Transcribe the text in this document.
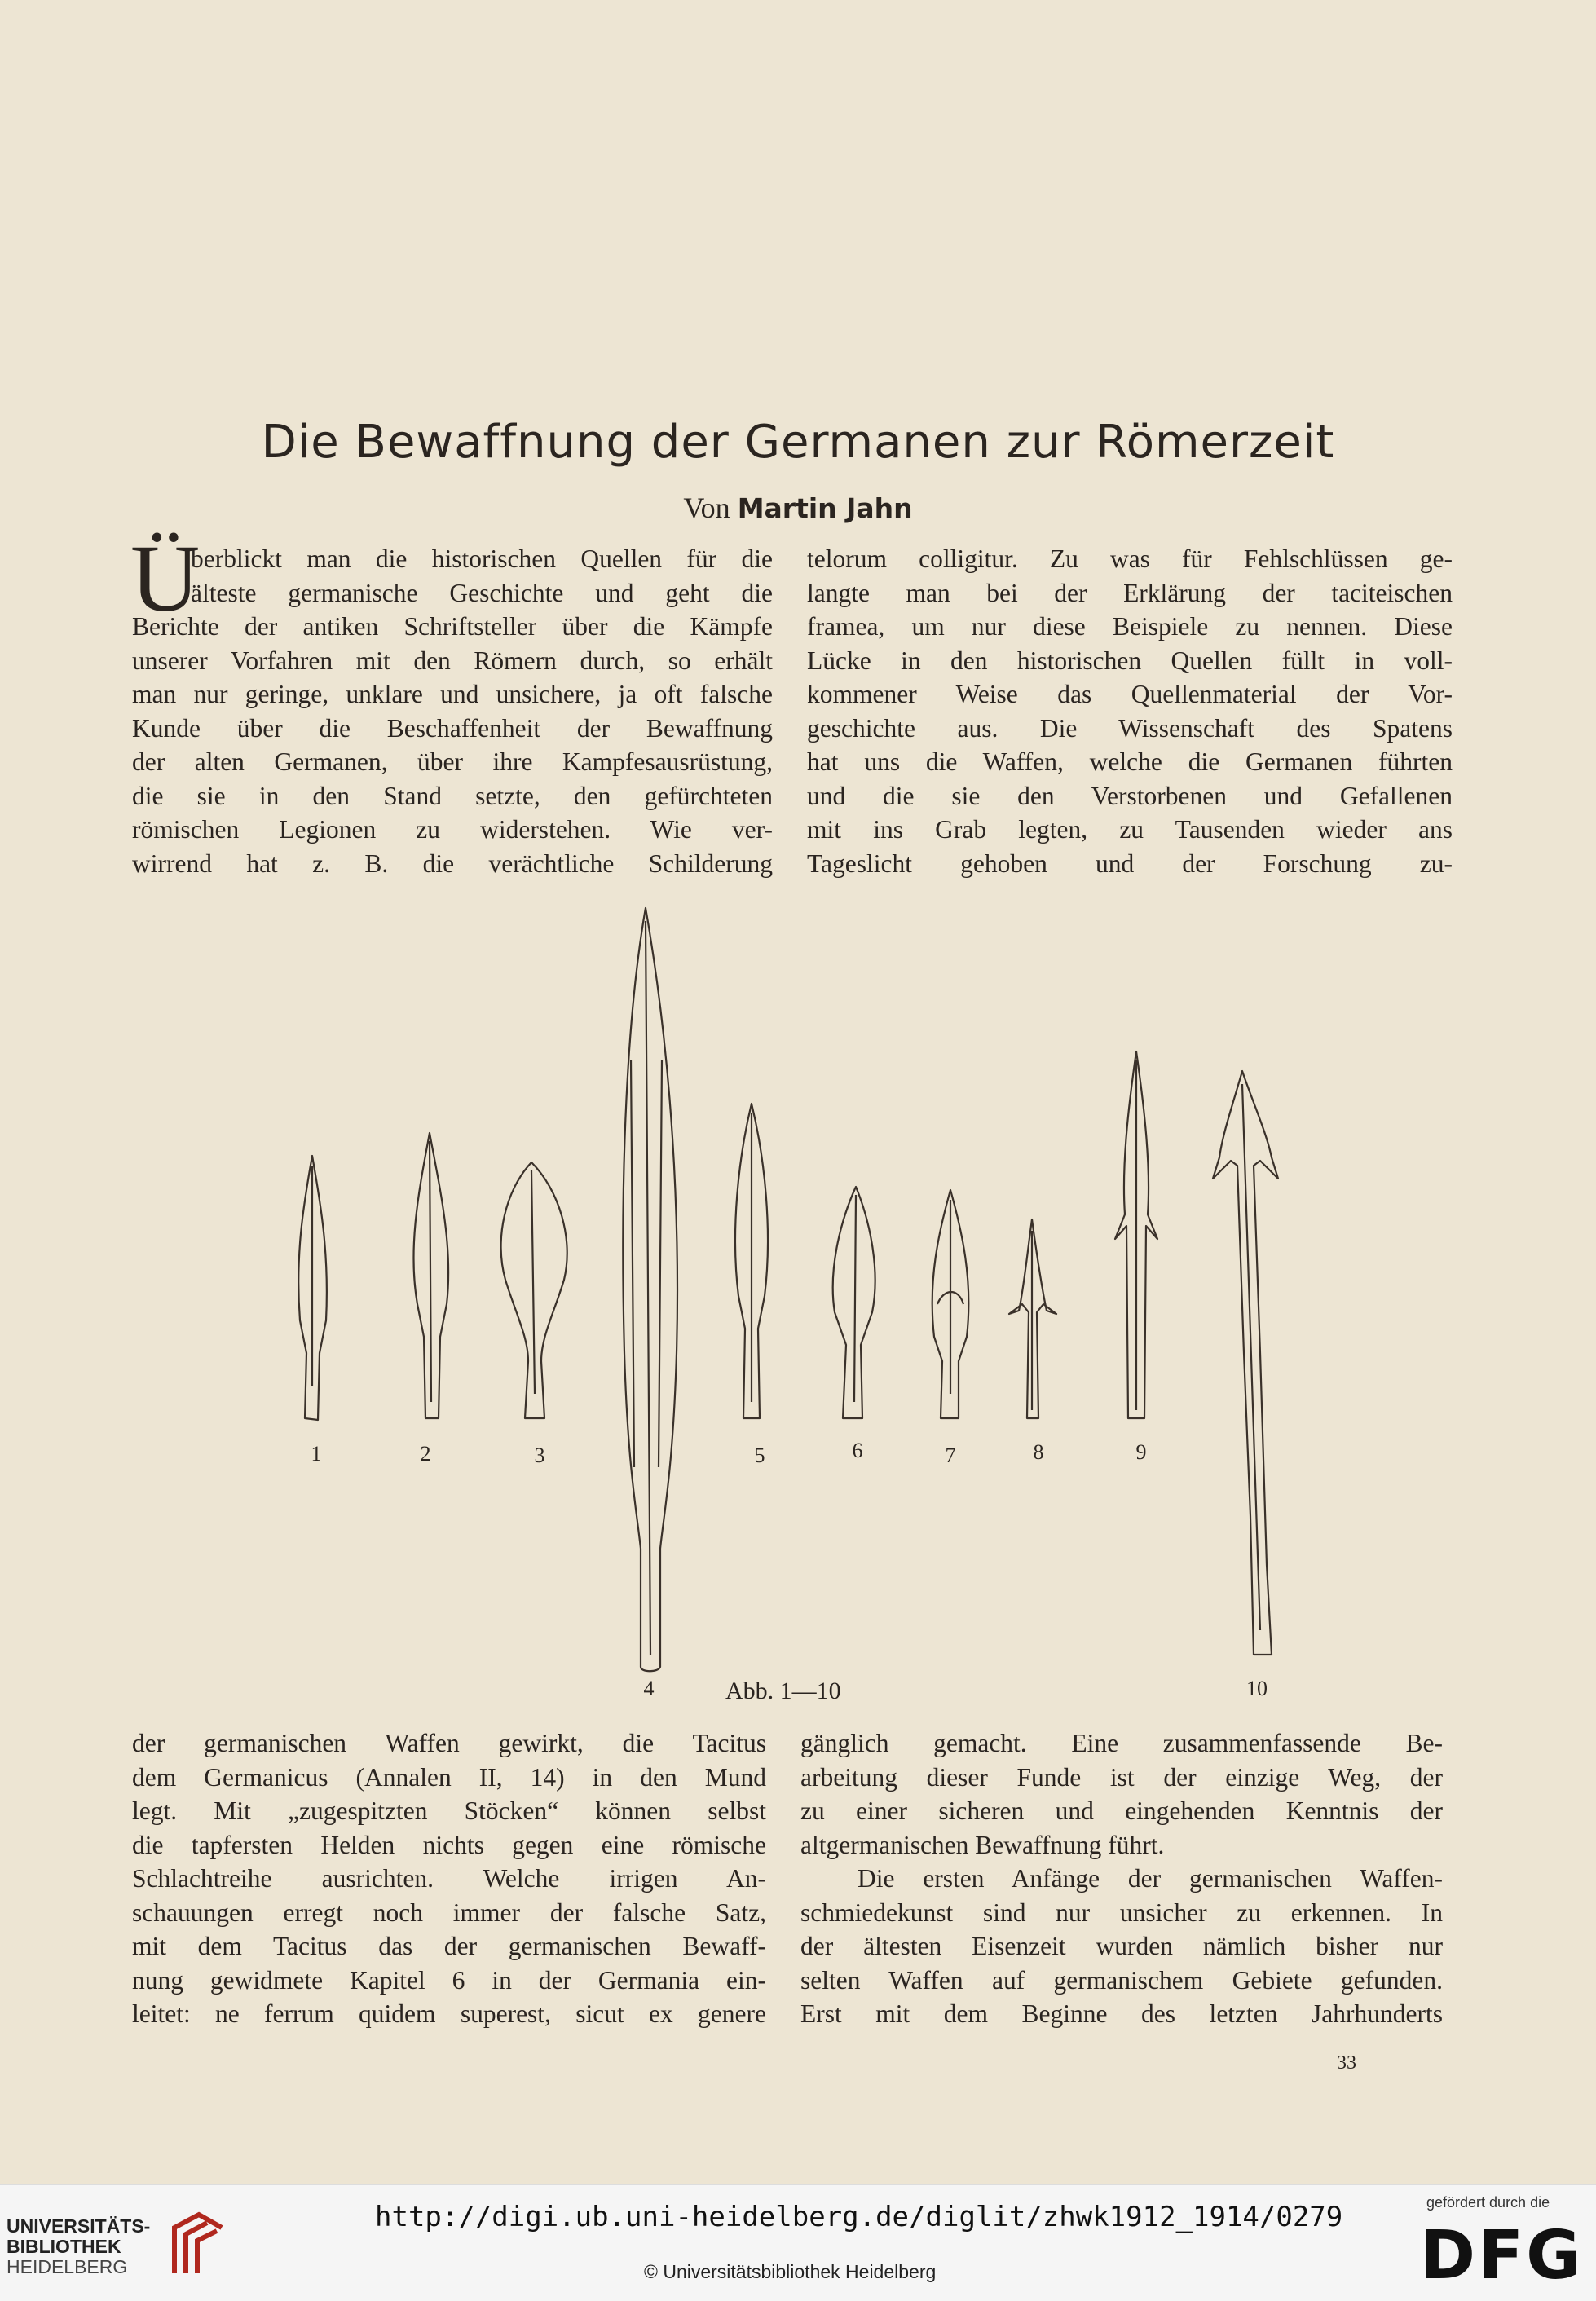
Die Bewaffnung der Germanen zur Römerzeit
Von Martin Jahn
Ü
berblickt man die historischen Quellen für die
älteste germanische Geschichte und geht die
Berichte der antiken Schriftsteller über die Kämpfe
unserer Vorfahren mit den Römern durch, so erhält
man nur geringe, unklare und unsichere, ja oft falsche
Kunde über die Beschaffenheit der Bewaffnung
der alten Germanen, über ihre Kampfesausrüstung,
die sie in den Stand setzte, den gefürchteten
römischen Legionen zu widerstehen. Wie ver-
wirrend hat z. B. die verächtliche Schilderung
telorum colligitur. Zu was für Fehlschlüssen ge-
langte man bei der Erklärung der taciteischen
framea, um nur diese Beispiele zu nennen. Diese
Lücke in den historischen Quellen füllt in voll-
kommener Weise das Quellenmaterial der Vor-
geschichte aus. Die Wissenschaft des Spatens
hat uns die Waffen, welche die Germanen führten
und die sie den Verstorbenen und Gefallenen
mit ins Grab legten, zu Tausenden wieder ans
Tageslicht gehoben und der Forschung zu-
1	2	3
4
5	6	7	8	9
10
Abb. 1—10
der germanischen Waffen gewirkt, die Tacitus
dem Germanicus (Annalen II, 14) in den Mund
legt. Mit „zugespitzten Stöcken“ können selbst
die tapfersten Helden nichts gegen eine römische
Schlachtreihe ausrichten. Welche irrigen An-
schauungen erregt noch immer der falsche Satz,
mit dem Tacitus das der germanischen Bewaff-
nung gewidmete Kapitel 6 in der Germania ein-
leitet: ne ferrum quidem superest, sicut ex genere
gänglich gemacht. Eine zusammenfassende Be-
arbeitung dieser Funde ist der einzige Weg, der
zu einer sicheren und eingehenden Kenntnis der
altgermanischen Bewaffnung führt.
Die ersten Anfänge der germanischen Waffen-
schmiedekunst sind nur unsicher zu erkennen. In
der ältesten Eisenzeit wurden nämlich bisher nur
selten Waffen auf germanischem Gebiete gefunden.
Erst mit dem Beginne des letzten Jahrhunderts
33
UNIVERSITÄTS-
BIBLIOTHEK
HEIDELBERG
http://digi.ub.uni-heidelberg.de/diglit/zhwk1912_1914/0279
© Universitätsbibliothek Heidelberg
gefördert durch die
DFG
